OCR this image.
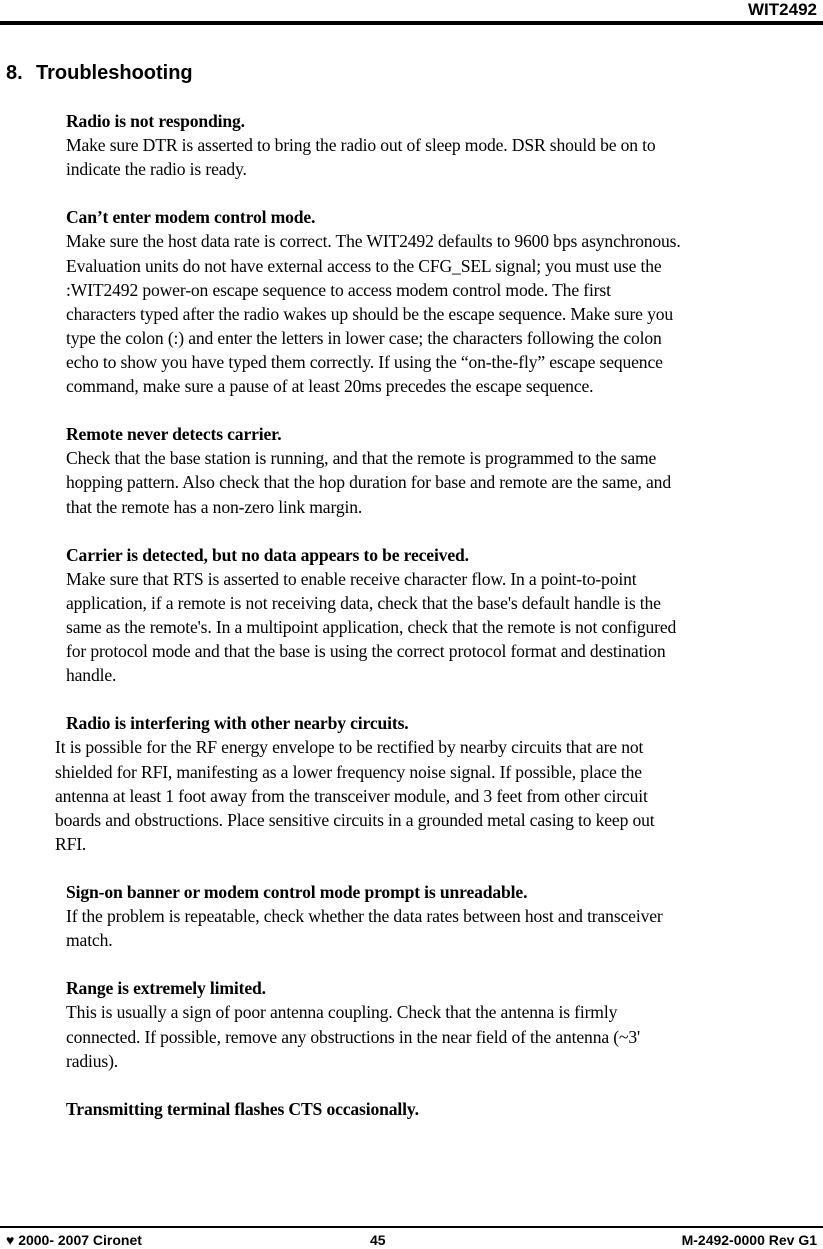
WIT2492
8. Troubleshooting
Radio is not responding.
Make sure DTR is asserted to bring the radio out of sleep mode. DSR should be on to
indicate the radio is ready.
Can’t enter modem control mode.
Make sure the host data rate is correct. The WIT2492 defaults to 9600 bps asynchronous.
Evaluation units do not have external access to the CFG_SEL signal; you must use the
:WIT2492 power-on escape sequence to access modem control mode. The first
characters typed after the radio wakes up should be the escape sequence. Make sure you
type the colon (:) and enter the letters in lower case; the characters following the colon
echo to show you have typed them correctly. If using the “on-the-fly” escape sequence
command, make sure a pause of at least 20ms precedes the escape sequence.
Remote never detects carrier.
Check that the base station is running, and that the remote is programmed to the same
hopping pattern. Also check that the hop duration for base and remote are the same, and
that the remote has a non-zero link margin.
Carrier is detected, but no data appears to be received.
Make sure that RTS is asserted to enable receive character flow. In a point-to-point
application, if a remote is not receiving data, check that the base's default handle is the
same as the remote's. In a multipoint application, check that the remote is not configured
for protocol mode and that the base is using the correct protocol format and destination
handle.
Radio is interfering with other nearby circuits.
It is possible for the RF energy envelope to be rectified by nearby circuits that are not
shielded for RFI, manifesting as a lower frequency noise signal. If possible, place the
antenna at least 1 foot away from the transceiver module, and 3 feet from other circuit
boards and obstructions. Place sensitive circuits in a grounded metal casing to keep out
RFI.
Sign-on banner or modem control mode prompt is unreadable.
If the problem is repeatable, check whether the data rates between host and transceiver
match.
Range is extremely limited.
This is usually a sign of poor antenna coupling. Check that the antenna is firmly
connected. If possible, remove any obstructions in the near field of the antenna (~3'
radius).
Transmitting terminal flashes CTS occasionally.
♥ 2000- 2007 Cironet	45	M-2492-0000 Rev G1
